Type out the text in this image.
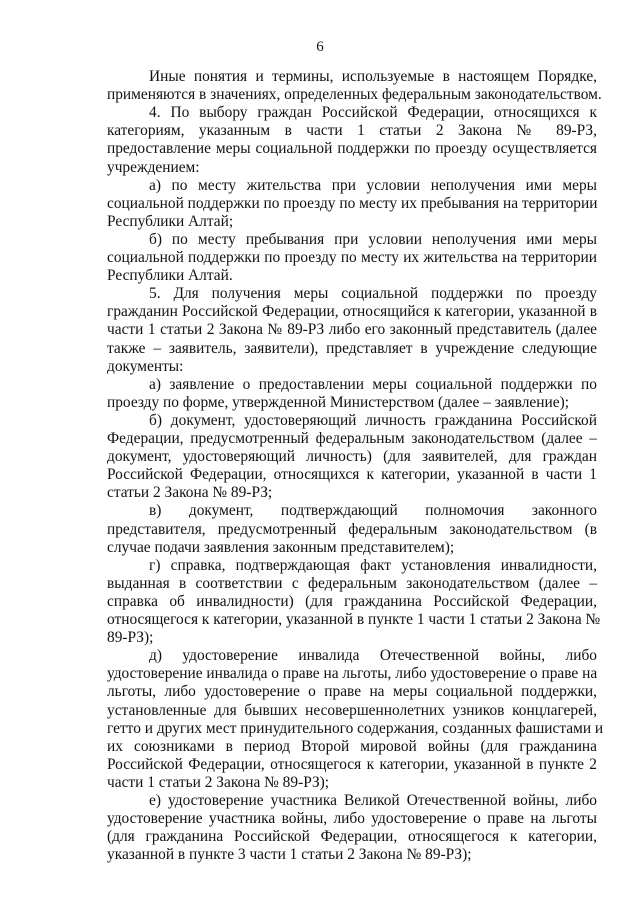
6
Иные понятия и термины, используемые в настоящем Порядке,
применяются в значениях, определенных федеральным законодательством.
4. По выбору граждан Российской Федерации, относящихся к
категориям, указанным в части 1 статьи 2 Закона № 89-РЗ,
предоставление меры социальной поддержки по проезду осуществляется
учреждением:
а) по месту жительства при условии неполучения ими меры
социальной поддержки по проезду по месту их пребывания на территории
Республики Алтай;
б) по месту пребывания при условии неполучения ими меры
социальной поддержки по проезду по месту их жительства на территории
Республики Алтай.
5. Для получения меры социальной поддержки по проезду
гражданин Российской Федерации, относящийся к категории, указанной в
части 1 статьи 2 Закона № 89-РЗ либо его законный представитель (далее
также – заявитель, заявители), представляет в учреждение следующие
документы:
а) заявление о предоставлении меры социальной поддержки по
проезду по форме, утвержденной Министерством (далее – заявление);
б) документ, удостоверяющий личность гражданина Российской
Федерации, предусмотренный федеральным законодательством (далее –
документ, удостоверяющий личность) (для заявителей, для граждан
Российской Федерации, относящихся к категории, указанной в части 1
статьи 2 Закона № 89-РЗ;
в) документ, подтверждающий полномочия законного
представителя, предусмотренный федеральным законодательством (в
случае подачи заявления законным представителем);
г) справка, подтверждающая факт установления инвалидности,
выданная в соответствии с федеральным законодательством (далее –
справка об инвалидности) (для гражданина Российской Федерации,
относящегося к категории, указанной в пункте 1 части 1 статьи 2 Закона №
89-РЗ);
д) удостоверение инвалида Отечественной войны, либо
удостоверение инвалида о праве на льготы, либо удостоверение о праве на
льготы, либо удостоверение о праве на меры социальной поддержки,
установленные для бывших несовершеннолетних узников концлагерей,
гетто и других мест принудительного содержания, созданных фашистами и
их союзниками в период Второй мировой войны (для гражданина
Российской Федерации, относящегося к категории, указанной в пункте 2
части 1 статьи 2 Закона № 89-РЗ);
е) удостоверение участника Великой Отечественной войны, либо
удостоверение участника войны, либо удостоверение о праве на льготы
(для гражданина Российской Федерации, относящегося к категории,
указанной в пункте 3 части 1 статьи 2 Закона № 89-РЗ);
